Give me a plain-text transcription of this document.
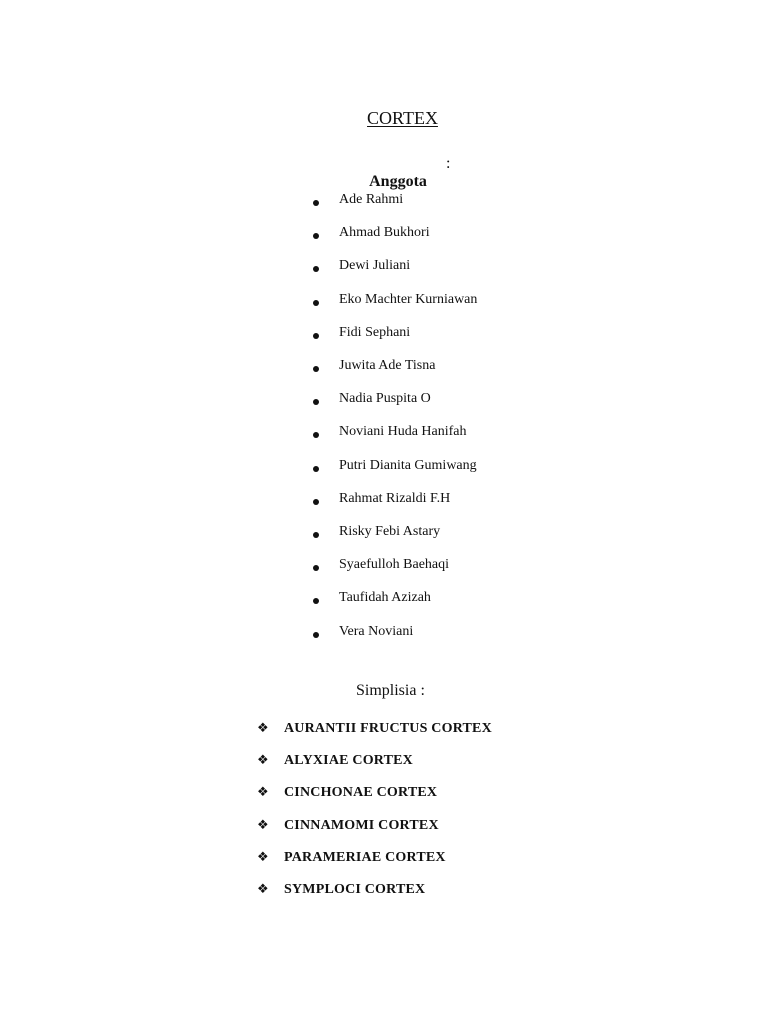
CORTEX

Anggota

:

Ade Rahmi
Ahmad Bukhori
Dewi Juliani
Eko Machter Kurniawan
Fidi Sephani
Juwita Ade Tisna
Nadia Puspita O
Noviani Huda Hanifah
Putri Dianita Gumiwang
Rahmat Rizaldi F.H
Risky Febi Astary
Syaefulloh Baehaqi
Taufidah Azizah
Vera Noviani
Simplisia :
❖ AURANTII FRUCTUS CORTEX
❖ ALYXIAE CORTEX
❖ CINCHONAE CORTEX
❖ CINNAMOMI CORTEX
❖ PARAMERIAE CORTEX
❖ SYMPLOCI CORTEX
